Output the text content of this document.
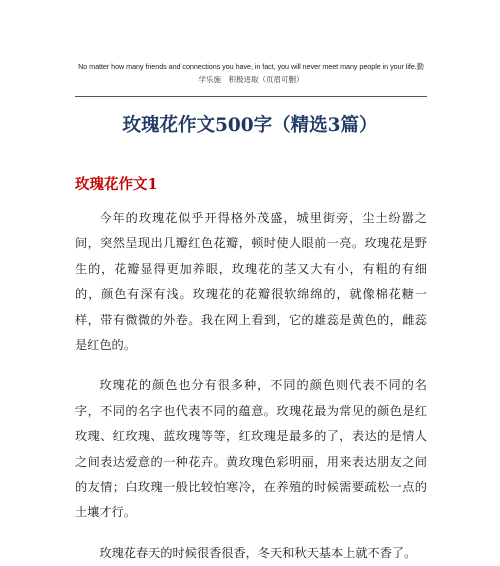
No matter how many friends and connections you have, in fact, you will never meet many people in your life.勤
学乐施　积极进取（页眉可删）
玫瑰花作文500字（精选3篇）
玫瑰花作文1

今年的玫瑰花似乎开得格外茂盛，城里街旁，尘土纷嚣之间，突然呈现出几瓣红色花瓣，顿时使人眼前一亮。玫瑰花是野生的，花瓣显得更加养眼，玫瑰花的茎又大有小，有粗的有细的，颜色有深有浅。玫瑰花的花瓣很软绵绵的，就像棉花糖一样，带有微微的外卷。我在网上看到，它的雄蕊是黄色的，雌蕊是红色的。

玫瑰花的颜色也分有很多种，不同的颜色则代表不同的名字，不同的名字也代表不同的蕴意。玫瑰花最为常见的颜色是红玫瑰、红玫瑰、蓝玫瑰等等，红玫瑰是最多的了，表达的是情人之间表达爱意的一种花卉。黄玫瑰色彩明丽，用来表达朋友之间的友情；白玫瑰一般比较怕寒冷，在养殖的时候需要疏松一点的土壤才行。

玫瑰花春天的时候很香很香，冬天和秋天基本上就不香了。
